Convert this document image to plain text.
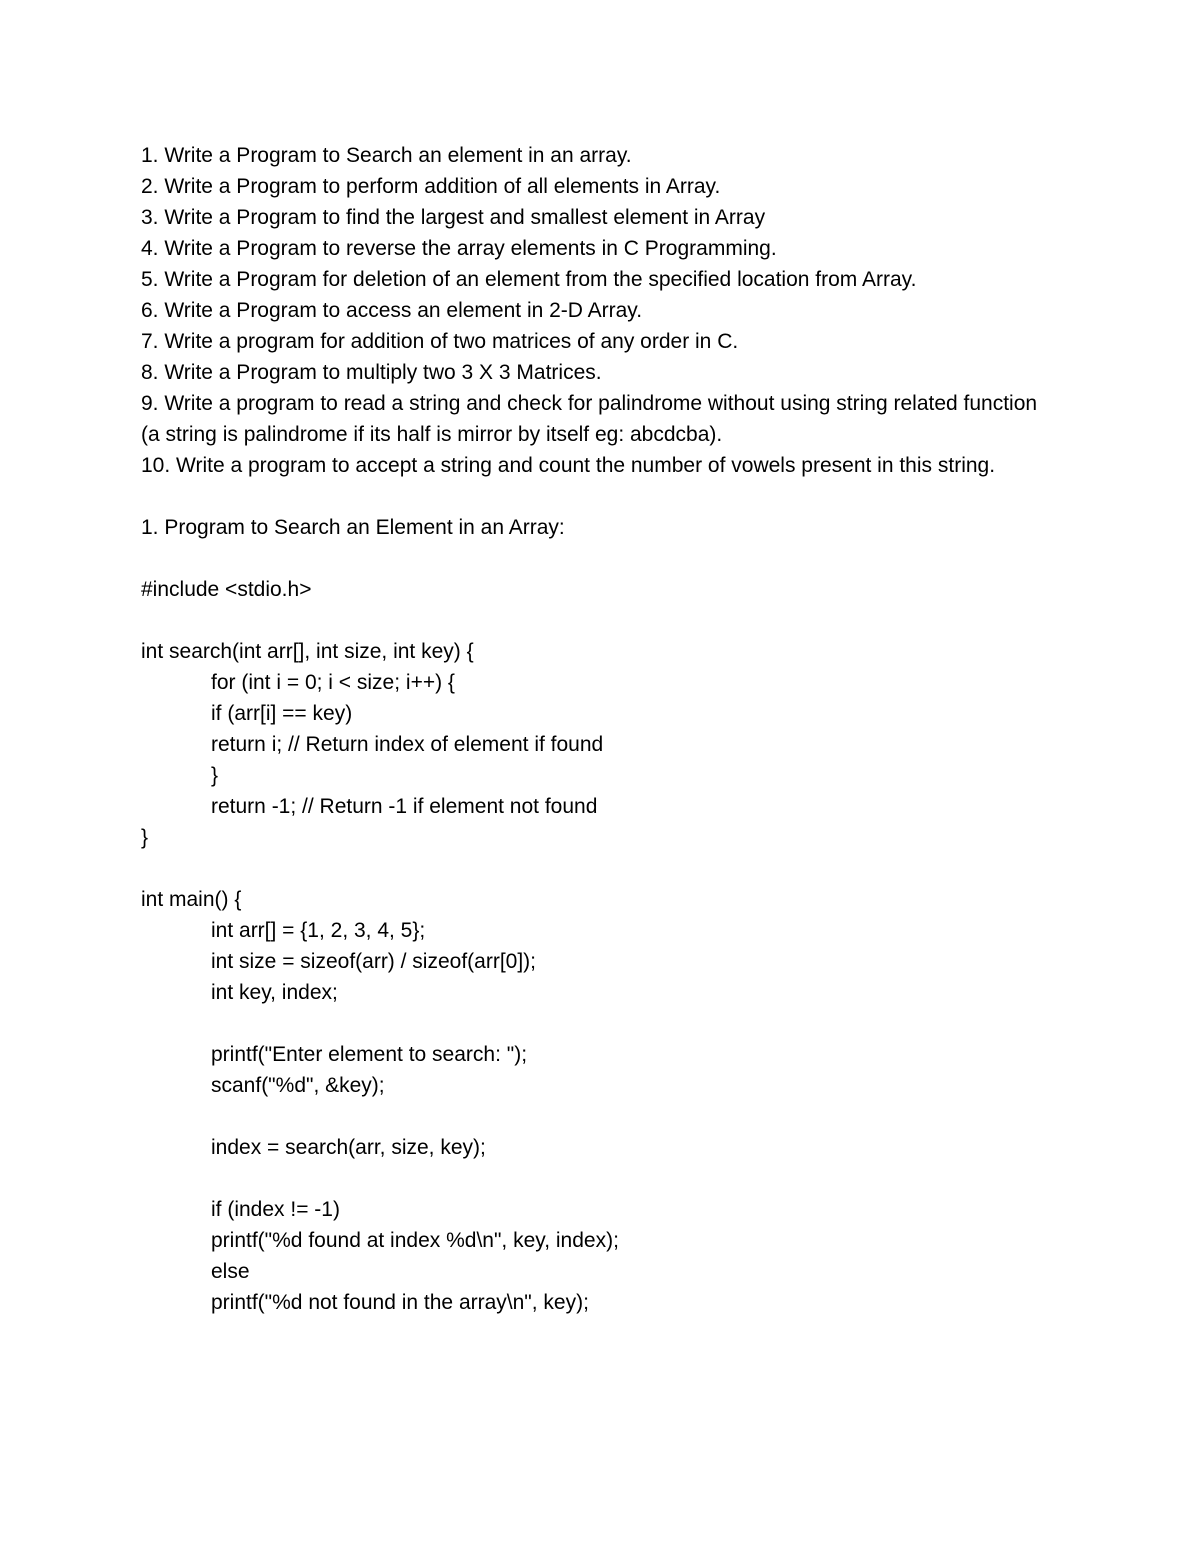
1. Write a Program to Search an element in an array.
2. Write a Program to perform addition of all elements in Array.
3. Write a Program to find the largest and smallest element in Array
4. Write a Program to reverse the array elements in C Programming.
5. Write a Program for deletion of an element from the specified location from Array.
6. Write a Program to access an element in 2-D Array.
7. Write a program for addition of two matrices of any order in C.
8. Write a Program to multiply two 3 X 3 Matrices.
9. Write a program to read a string and check for palindrome without using string related function (a string is palindrome if its half is mirror by itself eg: abcdcba).
10. Write a program to accept a string and count the number of vowels present in this string.
1. Program to Search an Element in an Array:
#include <stdio.h>
int search(int arr[], int size, int key) {
for (int i = 0; i < size; i++) {
if (arr[i] == key)
return i; // Return index of element if found
}
return -1; // Return -1 if element not found
}
int main() {
int arr[] = {1, 2, 3, 4, 5};
int size = sizeof(arr) / sizeof(arr[0]);
int key, index;
printf("Enter element to search: ");
scanf("%d", &key);
index = search(arr, size, key);
if (index != -1)
printf("%d found at index %d\n", key, index);
else
printf("%d not found in the array\n", key);
